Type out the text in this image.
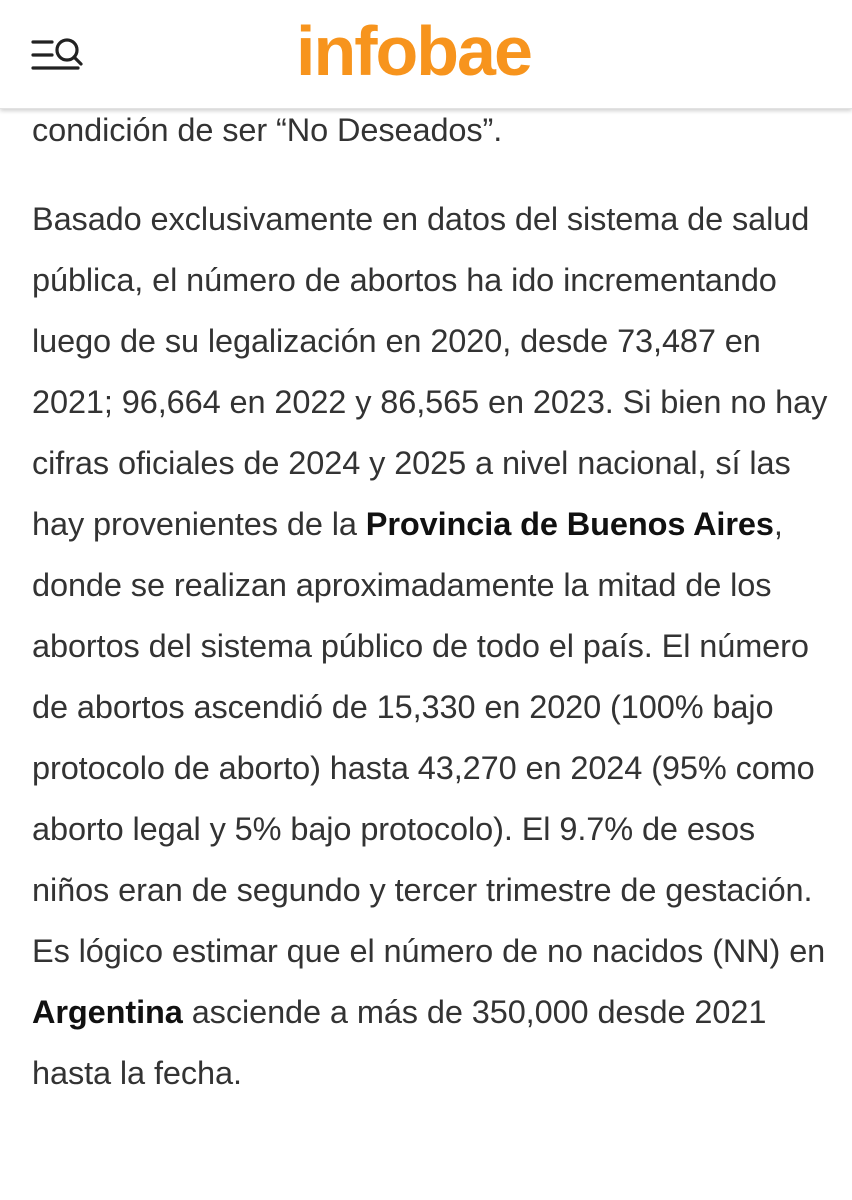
infobae

condición de ser “No Deseados”.

Basado exclusivamente en datos del sistema de salud pública, el número de abortos ha ido incrementando luego de su legalización en 2020, desde 73,487 en 2021; 96,664 en 2022 y 86,565 en 2023. Si bien no hay cifras oficiales de 2024 y 2025 a nivel nacional, sí las hay provenientes de la Provincia de Buenos Aires, donde se realizan aproximadamente la mitad de los abortos del sistema público de todo el país. El número de abortos ascendió de 15,330 en 2020 (100% bajo protocolo de aborto) hasta 43,270 en 2024 (95% como aborto legal y 5% bajo protocolo). El 9.7% de esos niños eran de segundo y tercer trimestre de gestación. Es lógico estimar que el número de no nacidos (NN) en Argentina asciende a más de 350,000 desde 2021 hasta la fecha.
